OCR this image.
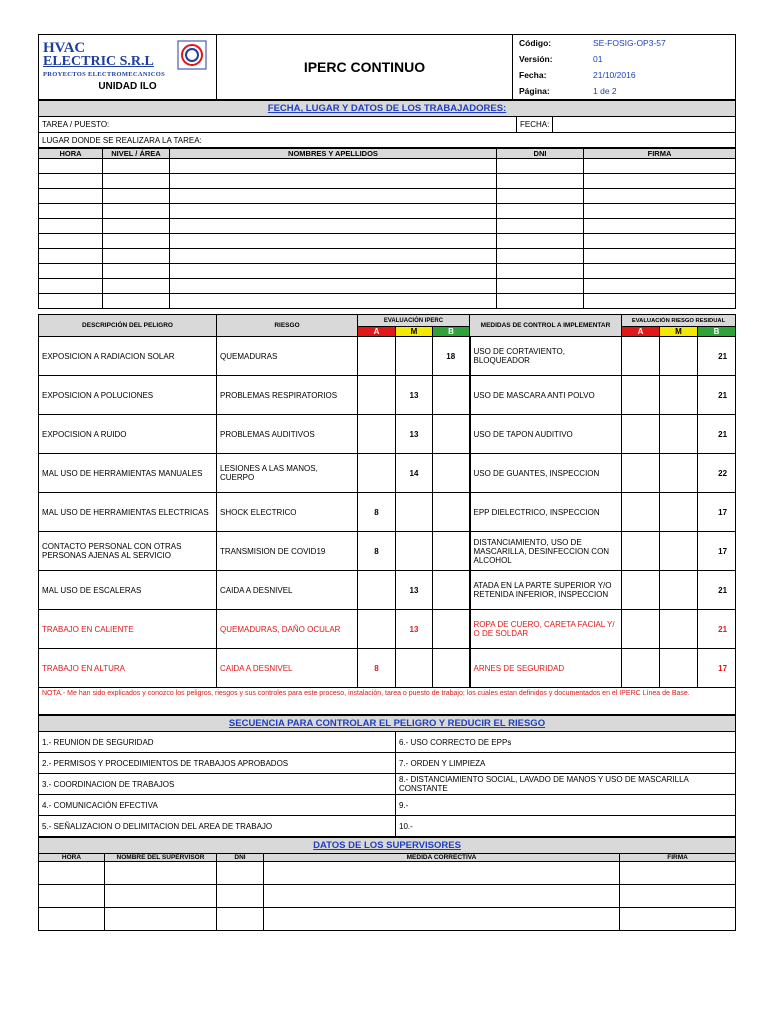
HVAC
ELECTRIC S.R.L
PROYECTOS ELECTROMECANICOS
UNIDAD ILO
	IPERC CONTINUO	
Código:	SE-FOSIG-OP3-57
Versión:	01
Fecha:	21/10/2016
Página:	1 de 2
FECHA, LUGAR Y DATOS DE LOS TRABAJADORES:
TAREA / PUESTO:	FECHA:	
LUGAR DONDE SE REALIZARA LA TAREA:
HORA	NIVEL / ÁREA	NOMBRES Y APELLIDOS	DNI	FIRMA

DESCRIPCIÓN DEL PELIGRO	RIESGO	EVALUACIÓN IPERC			MEDIDAS DE CONTROL A IMPLEMENTAR	EVALUACIÓN RIESGO RESIDUAL		
		A	M	B		A	M	B
EXPOSICION A RADIACION SOLAR	QUEMADURAS			18	USO DE CORTAVIENTO, BLOQUEADOR			21
EXPOSICION A POLUCIONES	PROBLEMAS RESPIRATORIOS		13		USO DE MASCARA ANTI POLVO			21
EXPOCISION A RUIDO	PROBLEMAS AUDITIVOS		13		USO DE TAPON AUDITIVO			21
MAL USO DE HERRAMIENTAS MANUALES	LESIONES A LAS MANOS, CUERPO		14		USO DE GUANTES, INSPECCION			22
MAL USO DE HERRAMIENTAS ELECTRICAS	SHOCK ELECTRICO	8			EPP DIELECTRICO, INSPECCION			17
CONTACTO PERSONAL CON OTRAS PERSONAS AJENAS AL SERVICIO	TRANSMISION DE COVID19	8			DISTANCIAMIENTO, USO DE MASCARILLA, DESINFECCION CON ALCOHOL			17
MAL USO DE ESCALERAS	CAIDA A DESNIVEL		13		ATADA EN LA PARTE SUPERIOR Y/O RETENIDA INFERIOR, INSPECCION			21
TRABAJO EN CALIENTE	QUEMADURAS, DAÑO OCULAR		13		ROPA DE CUERO, CARETA FACIAL Y/ O DE SOLDAR			21
TRABAJO EN ALTURA	CAIDA A DESNIVEL	8			ARNES DE SEGURIDAD			17
NOTA.- Me han sido explicados y conozco los peligros, riesgos y sus controles para este proceso, instalación, tarea o puesto de trabajo; los cuales estan definidos y documentados en el IPERC Línea de Base.								
SECUENCIA PARA CONTROLAR EL PELIGRO Y REDUCIR EL RIESGO	
1.- REUNION DE SEGURIDAD	6.- USO CORRECTO DE EPPs
2.- PERMISOS Y PROCEDIMIENTOS DE TRABAJOS APROBADOS	7.- ORDEN Y LIMPIEZA
3.- COORDINACION DE TRABAJOS	8.- DISTANCIAMIENTO SOCIAL, LAVADO DE MANOS Y USO DE MASCARILLA CONSTANTE
4.- COMUNICACIÓN EFECTIVA	9.-
5.- SEÑALIZACION O DELIMITACION DEL AREA DE TRABAJO	10.-
DATOS DE LOS SUPERVISORES				
HORA	NOMBRE DEL SUPERVISOR	DNI	MEDIDA CORRECTIVA	FIRMA
